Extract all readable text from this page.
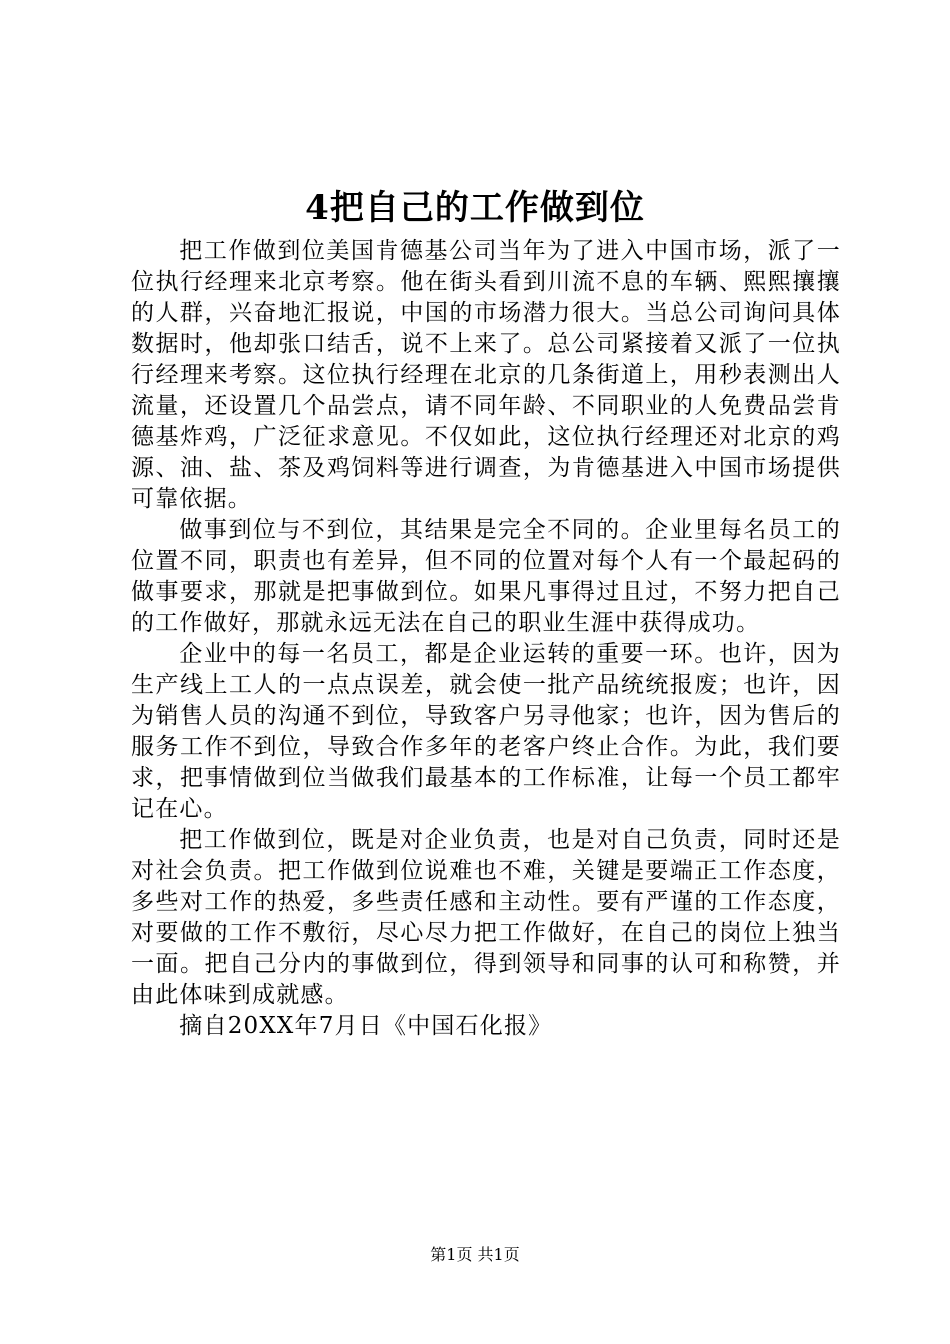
4把自己的工作做到位

把工作做到位美国肯德基公司当年为了进入中国市场，派了一位执行经理来北京考察。他在街头看到川流不息的车辆、熙熙攘攘的人群，兴奋地汇报说，中国的市场潜力很大。当总公司询问具体数据时，他却张口结舌，说不上来了。总公司紧接着又派了一位执行经理来考察。这位执行经理在北京的几条街道上，用秒表测出人流量，还设置几个品尝点，请不同年龄、不同职业的人免费品尝肯德基炸鸡，广泛征求意见。不仅如此，这位执行经理还对北京的鸡源、油、盐、茶及鸡饲料等进行调查，为肯德基进入中国市场提供可靠依据。

做事到位与不到位，其结果是完全不同的。企业里每名员工的位置不同，职责也有差异，但不同的位置对每个人有一个最起码的做事要求，那就是把事做到位。如果凡事得过且过，不努力把自己的工作做好，那就永远无法在自己的职业生涯中获得成功。

企业中的每一名员工，都是企业运转的重要一环。也许，因为生产线上工人的一点点误差，就会使一批产品统统报废；也许，因为销售人员的沟通不到位，导致客户另寻他家；也许，因为售后的服务工作不到位，导致合作多年的老客户终止合作。为此，我们要求，把事情做到位当做我们最基本的工作标准，让每一个员工都牢记在心。

把工作做到位，既是对企业负责，也是对自己负责，同时还是对社会负责。把工作做到位说难也不难，关键是要端正工作态度，多些对工作的热爱，多些责任感和主动性。要有严谨的工作态度，对要做的工作不敷衍，尽心尽力把工作做好，在自己的岗位上独当一面。把自己分内的事做到位，得到领导和同事的认可和称赞，并由此体味到成就感。

摘自20XX年7月日《中国石化报》

第1页 共1页
